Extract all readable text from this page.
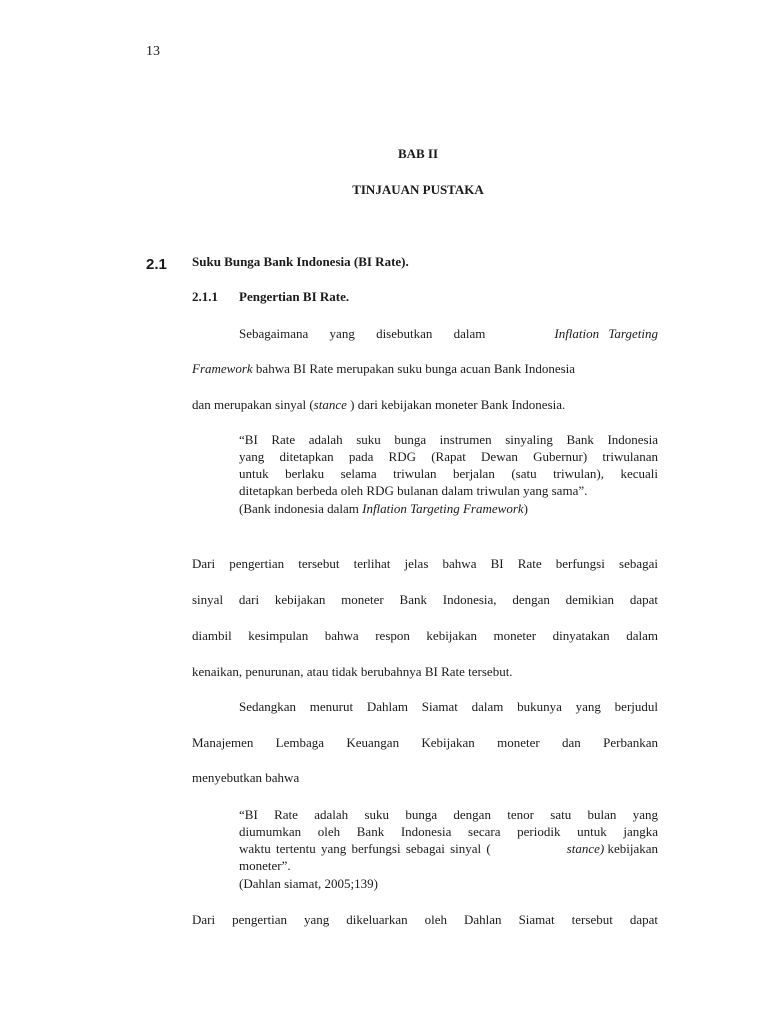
13
BAB II
TINJAUAN PUSTAKA
2.1 Suku Bunga Bank Indonesia (BI Rate).
2.1.1 Pengertian BI Rate.
Sebagaimana yang disebutkan dalam	Inflation Targeting
Framework bahwa BI Rate merupakan suku bunga acuan Bank Indonesia
dan merupakan sinyal (stance ) dari kebijakan moneter Bank Indonesia.
“BI Rate adalah suku bunga instrumen sinyaling Bank Indonesia
yang ditetapkan pada RDG (Rapat Dewan Gubernur) triwulanan
untuk berlaku selama triwulan berjalan (satu triwulan), kecuali
ditetapkan berbeda oleh RDG bulanan dalam triwulan yang sama”.
(Bank indonesia dalam Inflation Targeting Framework)
Dari pengertian tersebut terlihat jelas bahwa BI Rate berfungsi sebagai
sinyal dari kebijakan moneter Bank Indonesia, dengan demikian dapat
diambil kesimpulan bahwa respon kebijakan moneter dinyatakan dalam
kenaikan, penurunan, atau tidak berubahnya BI Rate tersebut.
Sedangkan menurut Dahlam Siamat dalam bukunya yang berjudul
Manajemen Lembaga Keuangan Kebijakan moneter dan Perbankan
menyebutkan bahwa
“BI Rate adalah suku bunga dengan tenor satu bulan yang
diumumkan oleh Bank Indonesia secara periodik untuk jangka
waktu tertentu yang berfungsi sebagai sinyal (	stance) kebijakan
moneter”.
(Dahlan siamat, 2005;139)
Dari pengertian yang dikeluarkan oleh Dahlan Siamat tersebut dapat
